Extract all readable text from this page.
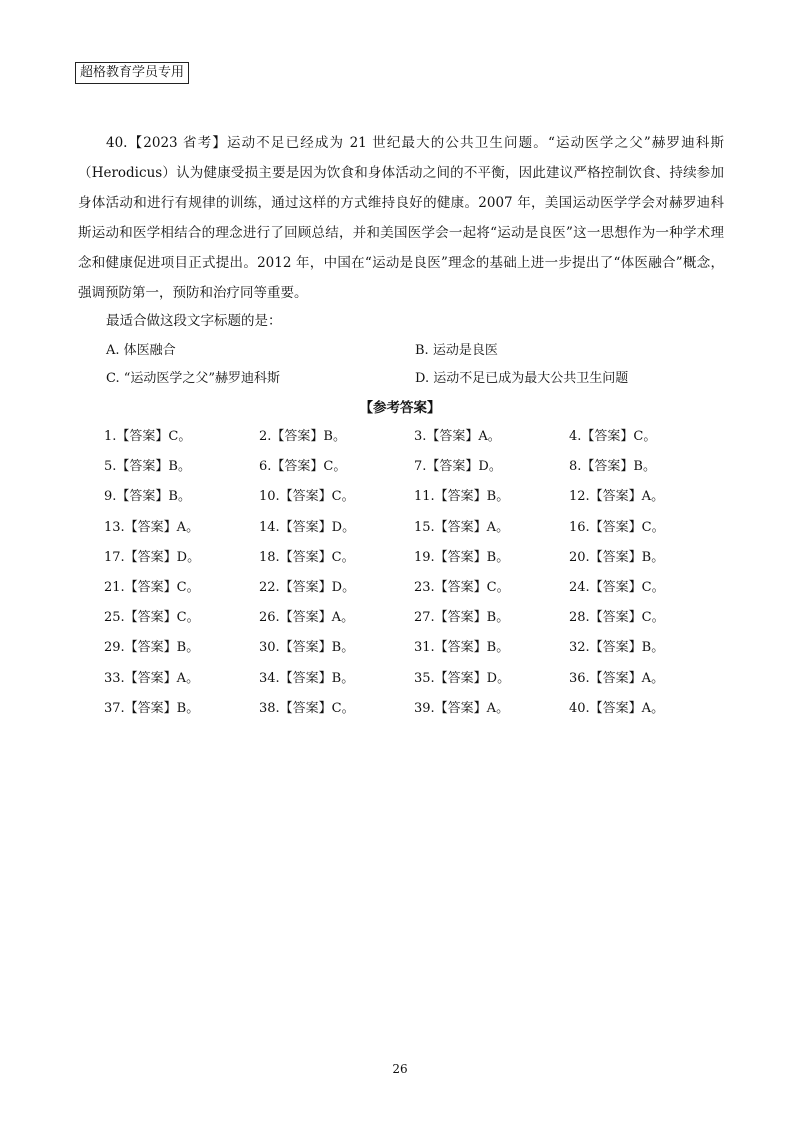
超格教育学员专用
40.【2023 省考】运动不足已经成为 21 世纪最大的公共卫生问题。“运动医学之父”赫罗迪科斯（Herodicus）认为健康受损主要是因为饮食和身体活动之间的不平衡，因此建议严格控制饮食、持续参加身体活动和进行有规律的训练，通过这样的方式维持良好的健康。2007 年，美国运动医学学会对赫罗迪科斯运动和医学相结合的理念进行了回顾总结，并和美国医学会一起将“运动是良医”这一思想作为一种学术理念和健康促进项目正式提出。2012 年，中国在“运动是良医”理念的基础上进一步提出了“体医融合”概念，强调预防第一，预防和治疗同等重要。
最适合做这段文字标题的是：
A. 体医融合	B. 运动是良医
C. “运动医学之父”赫罗迪科斯	D. 运动不足已成为最大公共卫生问题
【参考答案】
1.【答案】C。	2.【答案】B。	3.【答案】A。	4.【答案】C。
5.【答案】B。	6.【答案】C。	7.【答案】D。	8.【答案】B。
9.【答案】B。	10.【答案】C。	11.【答案】B。	12.【答案】A。
13.【答案】A。	14.【答案】D。	15.【答案】A。	16.【答案】C。
17.【答案】D。	18.【答案】C。	19.【答案】B。	20.【答案】B。
21.【答案】C。	22.【答案】D。	23.【答案】C。	24.【答案】C。
25.【答案】C。	26.【答案】A。	27.【答案】B。	28.【答案】C。
29.【答案】B。	30.【答案】B。	31.【答案】B。	32.【答案】B。
33.【答案】A。	34.【答案】B。	35.【答案】D。	36.【答案】A。
37.【答案】B。	38.【答案】C。	39.【答案】A。	40.【答案】A。
26
